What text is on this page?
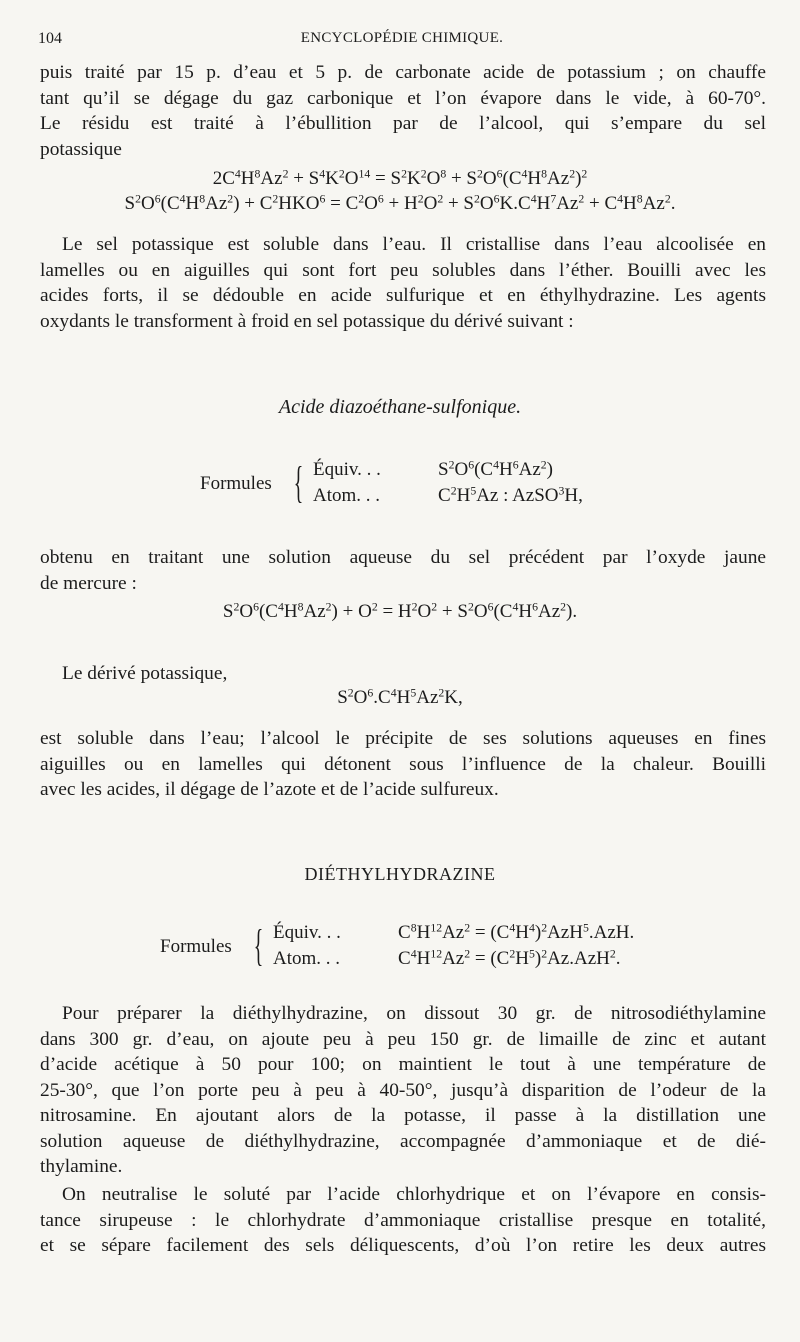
104	ENCYCLOPÉDIE CHIMIQUE.
puis traité par 15 p. d’eau et 5 p. de carbonate acide de potassium ; on chauffe
tant qu’il se dégage du gaz carbonique et l’on évapore dans le vide, à 60-70°.
Le résidu est traité à l’ébullition par de l’alcool, qui s’empare du sel
potassique
$2C^4H^8Az^2 + S^4K^2O^{14} = S^2K^2O^8 + S^2O^6(C^4H^8Az^2)^2$
$S^2O^6(C^4H^8Az^2) + C^2HKO^6 = C^2O^6 + H^2O^2 + S^2O^6K.C^4H^7Az^2 + C^4H^8Az^2$.
Le sel potassique est soluble dans l’eau. Il cristallise dans l’eau alcoolisée en
lamelles ou en aiguilles qui sont fort peu solubles dans l’éther. Bouilli avec les
acides forts, il se dédouble en acide sulfurique et en éthylhydrazine. Les agents
oxydants le transforment à froid en sel potassique du dérivé suivant :
Acide diazoéthane-sulfonique.
Formules { Équiv. . .	$S^2O^6(C^4H^6Az^2)$
Atom. . .	$C^2H^5Az$ : AzSO$^3$H,
obtenu en traitant une solution aqueuse du sel précédent par l’oxyde jaune
de mercure :
$S^2O^6(C^4H^8Az^2) + O^2 = H^2O^2 + S^2O^6(C^4H^6Az^2)$.
Le dérivé potassique,
$S^2O^6.C^4H^5Az^2K$,
est soluble dans l’eau; l’alcool le précipite de ses solutions aqueuses en fines
aiguilles ou en lamelles qui détonent sous l’influence de la chaleur. Bouilli
avec les acides, il dégage de l’azote et de l’acide sulfureux.
DIÉTHYLHYDRAZINE
Formules { Équiv. . .	$C^8H^{12}Az^2 = (C^4H^4)^2AzH^5.AzH$.
Atom. . .	$C^4H^{12}Az^2 = (C^2H^5)^2Az.AzH^2$.
Pour préparer la diéthylhydrazine, on dissout 30 gr. de nitrosodiéthylamine
dans 300 gr. d’eau, on ajoute peu à peu 150 gr. de limaille de zinc et autant
d’acide acétique à 50 pour 100; on maintient le tout à une température de
25-30°, que l’on porte peu à peu à 40-50°, jusqu’à disparition de l’odeur de la
nitrosamine. En ajoutant alors de la potasse, il passe à la distillation une
solution aqueuse de diéthylhydrazine, accompagnée d’ammoniaque et de dié-
thylamine.
On neutralise le soluté par l’acide chlorhydrique et on l’évapore en consis-
tance sirupeuse : le chlorhydrate d’ammoniaque cristallise presque en totalité,
et se sépare facilement des sels déliquescents, d’où l’on retire les deux autres
